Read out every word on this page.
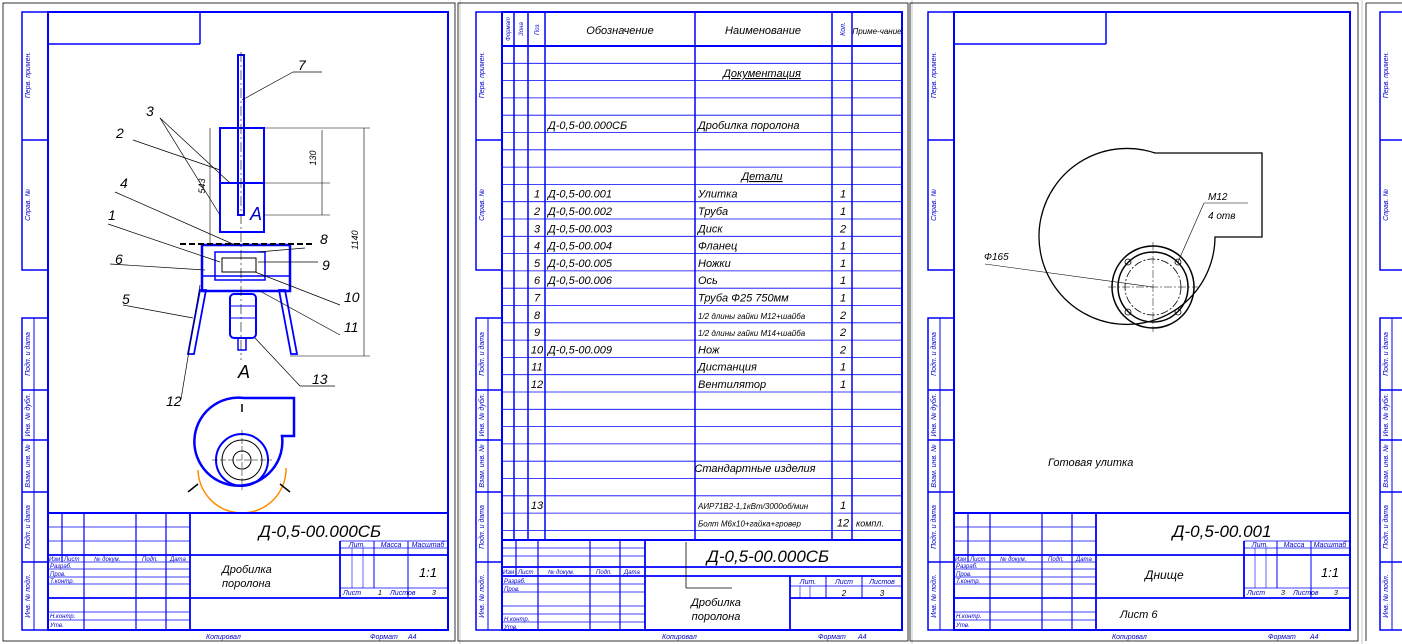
Перв. примен.
Справ. №
Подп. и дата
Инв. № дубл.
Взам. инв. №
Подп. и дата
Инв. № подл.
130
543
1140
А
А
7
3
2
4
1
6
5
8
9
10
11
12
13
Д-0,5-00.000СБ
Дробилка
поролона
Лит. Масса Масштаб
1:1
Лист 1 Листов 3
Изм Лист № докум.	Подп. Дата
Разраб.
Пров.
Т.контр.
Н.контр.
Утв.
Копировал	Формат А4
Перв. примен.
Справ. №
Подп. и дата
Инв. № дубл.
Взам. инв. №
Подп. и дата
Инв. № подл.
Формат Зона Поз.	Обозначение	Наименование	Кол. Приме-чание
Документация
Д-0,5-00.000СБ	Дробилка поролона
Детали
1 Д-0,5-00.001	Улитка	1
2 Д-0,5-00.002	Труба	1
3 Д-0,5-00.003	Диск	2
4 Д-0,5-00.004	Фланец	1
5 Д-0,5-00.005	Ножки	1
6 Д-0,5-00.006	Ось	1
7	Труба Ф25 750мм	1
8	1/2 длины гайки М12+шайба	2
9	1/2 длины гайки М14+шайба	2
10 Д-0,5-00.009	Нож	2
11	Дистанция	1
12	Вентилятор	1
Стандартные изделия
13	АИР71В2-1,1кВт/3000об/мин	1
Болт М6х10+гайка+гровер	12 компл.
Д-0,5-00.000СБ
Дробилка
поролона
Лит.	Лист Листов
2	3
Изм Лист № докум.	Подп. Дата
Разраб.
Пров.
Н.контр.
Утв.
Копировал	Формат А4
Перв. примен.
Справ. №
Подп. и дата
Инв. № дубл.
Взам. инв. №
Подп. и дата
Инв. № подл.
Ф165
М12
4 отв
Готовая улитка
Д-0,5-00.001
Днище
Лист 6
Лит. Масса Масштаб
1:1
Лист 3 Листов 3
Изм Лист № докум.	Подп. Дата
Разраб.
Пров.
Т.контр.
Н.контр.
Утв.
Копировал	Формат А4
Перв. примен.
Справ. №
Подп. и дата
Инв. № дубл.
Взам. инв. №
Подп. и дата
Инв. № подл.
